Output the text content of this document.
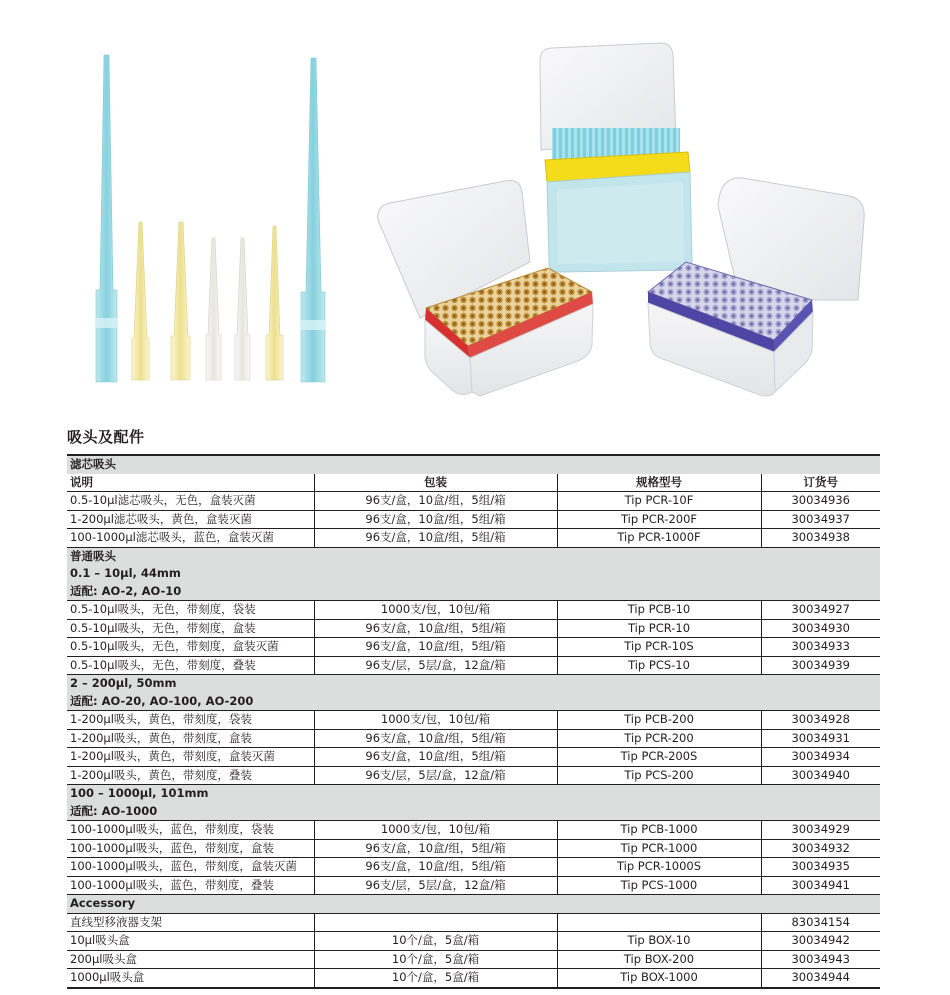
吸头及配件
滤芯吸头			
说明	包装	规格型号	订货号
0.5-10µl滤芯吸头，无色，盒装灭菌	96支/盒，10盒/组，5组/箱	Tip PCR-10F	30034936
1-200µl滤芯吸头，黄色，盒装灭菌	96支/盒，10盒/组，5组/箱	Tip PCR-200F	30034937
100-1000µl滤芯吸头，蓝色，盒装灭菌	96支/盒，10盒/组，5组/箱	Tip PCR-1000F	30034938
普通吸头			
0.1 – 10µl, 44mm			
适配: AO-2, AO-10			
0.5-10µl吸头，无色，带刻度，袋装	1000支/包，10包/箱	Tip PCB-10	30034927
0.5-10µl吸头，无色，带刻度，盒装	96支/盒，10盒/组，5组/箱	Tip PCR-10	30034930
0.5-10µl吸头，无色，带刻度，盒装灭菌	96支/盒，10盒/组，5组/箱	Tip PCR-10S	30034933
0.5-10µl吸头，无色，带刻度，叠装	96支/层，5层/盒，12盒/箱	Tip PCS-10	30034939
2 – 200µl, 50mm			
适配: AO-20, AO-100, AO-200			
1-200µl吸头，黄色，带刻度，袋装	1000支/包，10包/箱	Tip PCB-200	30034928
1-200µl吸头，黄色，带刻度，盒装	96支/盒，10盒/组，5组/箱	Tip PCR-200	30034931
1-200µl吸头，黄色，带刻度，盒装灭菌	96支/盒，10盒/组，5组/箱	Tip PCR-200S	30034934
1-200µl吸头，黄色，带刻度，叠装	96支/层，5层/盒，12盒/箱	Tip PCS-200	30034940
100 – 1000µl, 101mm			
适配: AO-1000			
100-1000µl吸头，蓝色，带刻度，袋装	1000支/包，10包/箱	Tip PCB-1000	30034929
100-1000µl吸头，蓝色，带刻度，盒装	96支/盒，10盒/组，5组/箱	Tip PCR-1000	30034932
100-1000µl吸头，蓝色，带刻度，盒装灭菌	96支/盒，10盒/组，5组/箱	Tip PCR-1000S	30034935
100-1000µl吸头，蓝色，带刻度，叠装	96支/层，5层/盒，12盒/箱	Tip PCS-1000	30034941
Accessory			
直线型移液器支架			83034154
10µl吸头盒	10个/盒，5盒/箱	Tip BOX-10	30034942
200µl吸头盒	10个/盒，5盒/箱	Tip BOX-200	30034943
1000µl吸头盒	10个/盒，5盒/箱	Tip BOX-1000	30034944
